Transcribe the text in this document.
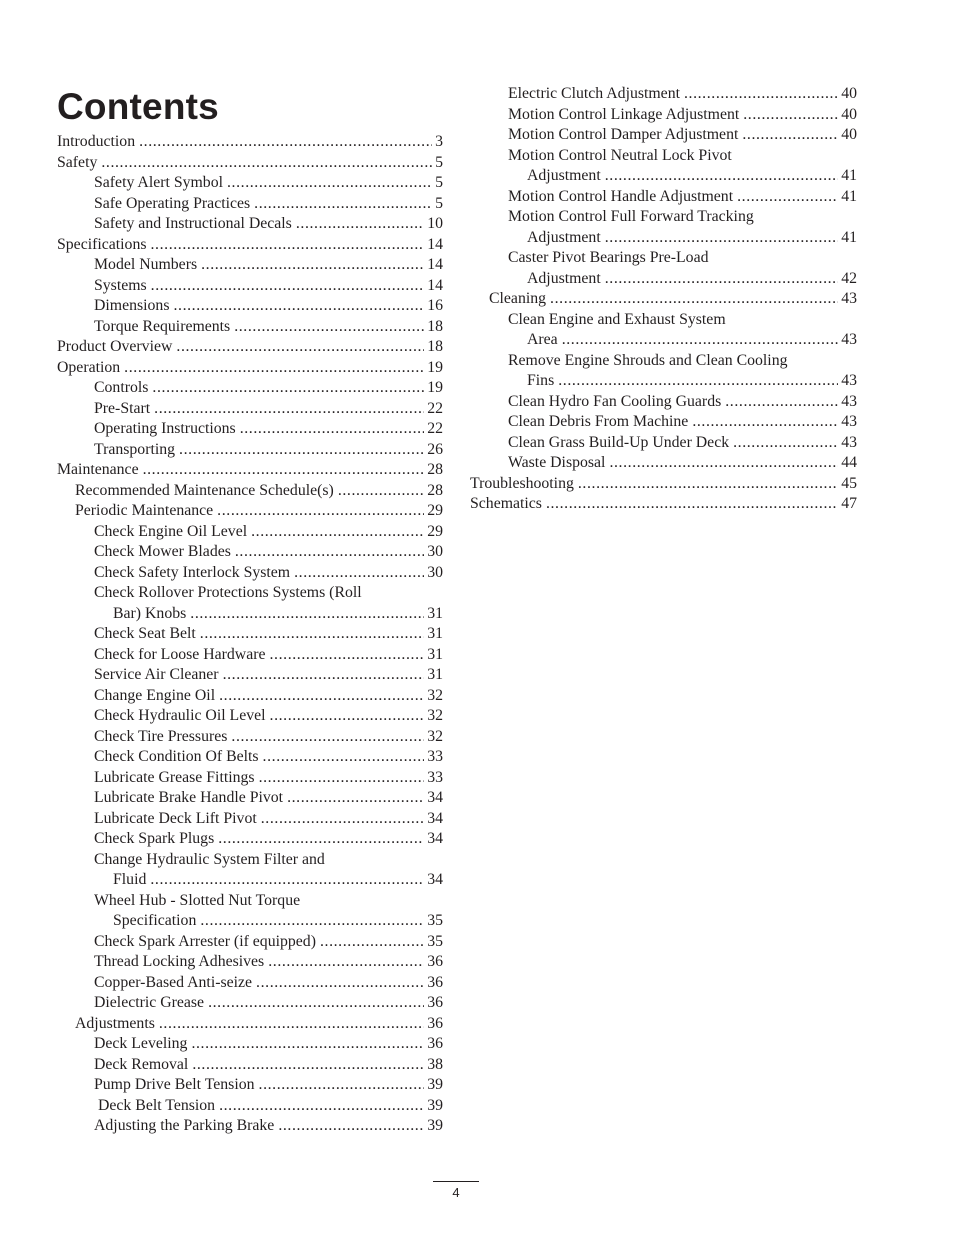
Contents
Introduction .....	3
Safety .....	5
Safety Alert Symbol .....	5
Safe Operating Practices .....	5
Safety and Instructional Decals .....	10
Specifications .....	14
Model Numbers .....	14
Systems .....	14
Dimensions .....	16
Torque Requirements .....	18
Product Overview .....	18
Operation .....	19
Controls .....	19
Pre-Start .....	22
Operating Instructions .....	22
Transporting .....	26
Maintenance .....	28
Recommended Maintenance Schedule(s) .....	28
Periodic Maintenance .....	29
Check Engine Oil Level .....	29
Check Mower Blades .....	30
Check Safety Interlock System .....	30
Check Rollover Protections Systems (Roll
Bar) Knobs .....	31
Check Seat Belt .....	31
Check for Loose Hardware .....	31
Service Air Cleaner .....	31
Change Engine Oil .....	32
Check Hydraulic Oil Level .....	32
Check Tire Pressures .....	32
Check Condition Of Belts .....	33
Lubricate Grease Fittings .....	33
Lubricate Brake Handle Pivot .....	34
Lubricate Deck Lift Pivot .....	34
Check Spark Plugs .....	34
Change Hydraulic System Filter and
Fluid .....	34
Wheel Hub - Slotted Nut Torque
Specification .....	35
Check Spark Arrester (if equipped) .....	35
Thread Locking Adhesives .....	36
Copper-Based Anti-seize .....	36
Dielectric Grease .....	36
Adjustments .....	36
Deck Leveling .....	36
Deck Removal .....	38
Pump Drive Belt Tension .....	39
Deck Belt Tension .....	39
Adjusting the Parking Brake .....	39
Electric Clutch Adjustment .....	40
Motion Control Linkage Adjustment .....	40
Motion Control Damper Adjustment .....	40
Motion Control Neutral Lock Pivot
Adjustment .....	41
Motion Control Handle Adjustment .....	41
Motion Control Full Forward Tracking
Adjustment .....	41
Caster Pivot Bearings Pre-Load
Adjustment .....	42
Cleaning .....	43
Clean Engine and Exhaust System
Area .....	43
Remove Engine Shrouds and Clean Cooling
Fins .....	43
Clean Hydro Fan Cooling Guards .....	43
Clean Debris From Machine .....	43
Clean Grass Build-Up Under Deck .....	43
Waste Disposal .....	44
Troubleshooting .....	45
Schematics .....	47
4
